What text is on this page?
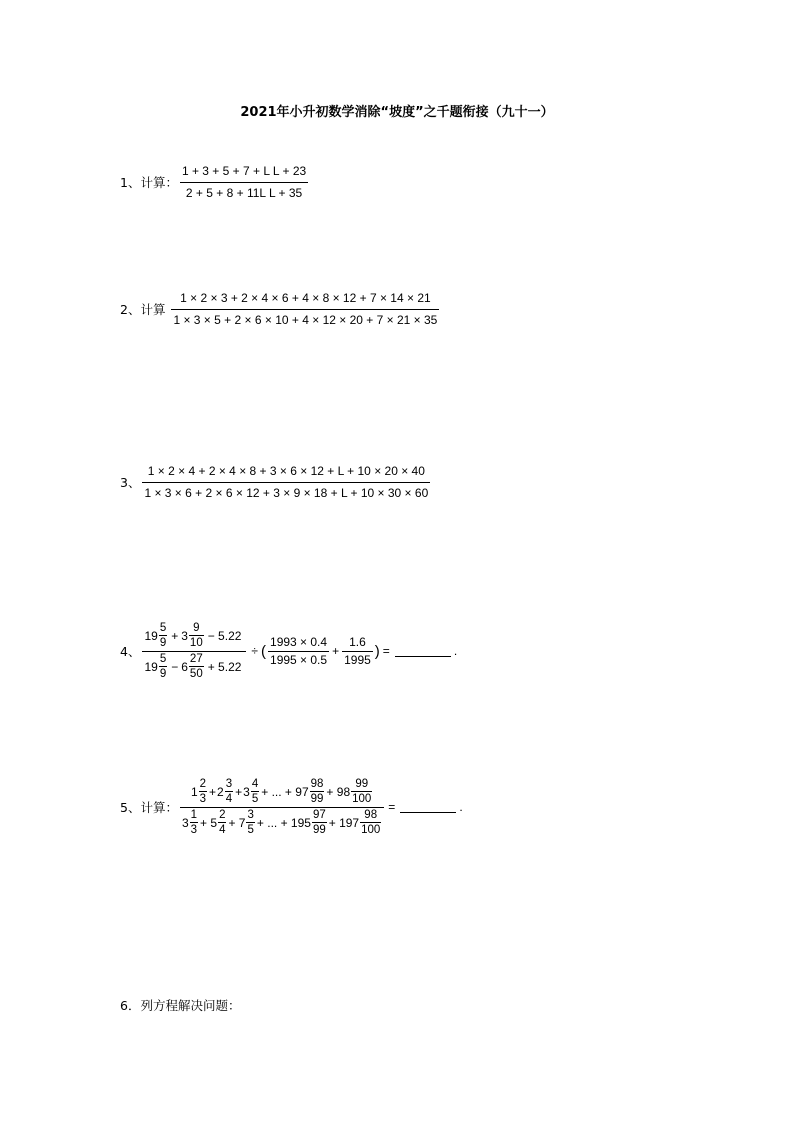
2021年小升初数学消除“坡度”之千题衔接（九十一）
1、计算： $\frac{\text{1 + 3 + 5 + 7 + L L + 23}}{\text{2 + 5 + 8 + 11L L + 35}}$
2、计算 $\frac{1 \times 2 \times 3 + 2 \times 4 \times 6 + 4 \times 8 \times 12 + 7 \times 14 \times 21}{1 \times 3 \times 5 + 2 \times 6 \times 10 + 4 \times 12 \times 20 + 7 \times 21 \times 35}$
3、 $\frac{1 \times 2 \times 4 + 2 \times 4 \times 8 + 3 \times 6 \times 12 + L + 10 \times 20 \times 40}{1 \times 3 \times 6 + 2 \times 6 \times 12 + 3 \times 9 \times 18 + L + 10 \times 30 \times 60}$
4、
$19 \frac{5}{9} + 3 \frac{9}{10} - 5.22$
$19 \frac{5}{9} - 6 \frac{27}{50} + 5.22$
÷ ( $\frac{1993 \times 0.4}{1995 \times 0.5} + \frac{1.6}{1995}$ ) =	.
5、计算：
$1 \frac{2}{3} + 2 \frac{3}{4} + 3 \frac{4}{5}$ + ... + $97 \frac{98}{99} + 98 \frac{99}{100}$
$3 \frac{1}{3} + 5 \frac{2}{4} + 7 \frac{3}{5}$ + ... + $195 \frac{97}{99} + 197 \frac{98}{100}$
=	.
6．列方程解决问题：
